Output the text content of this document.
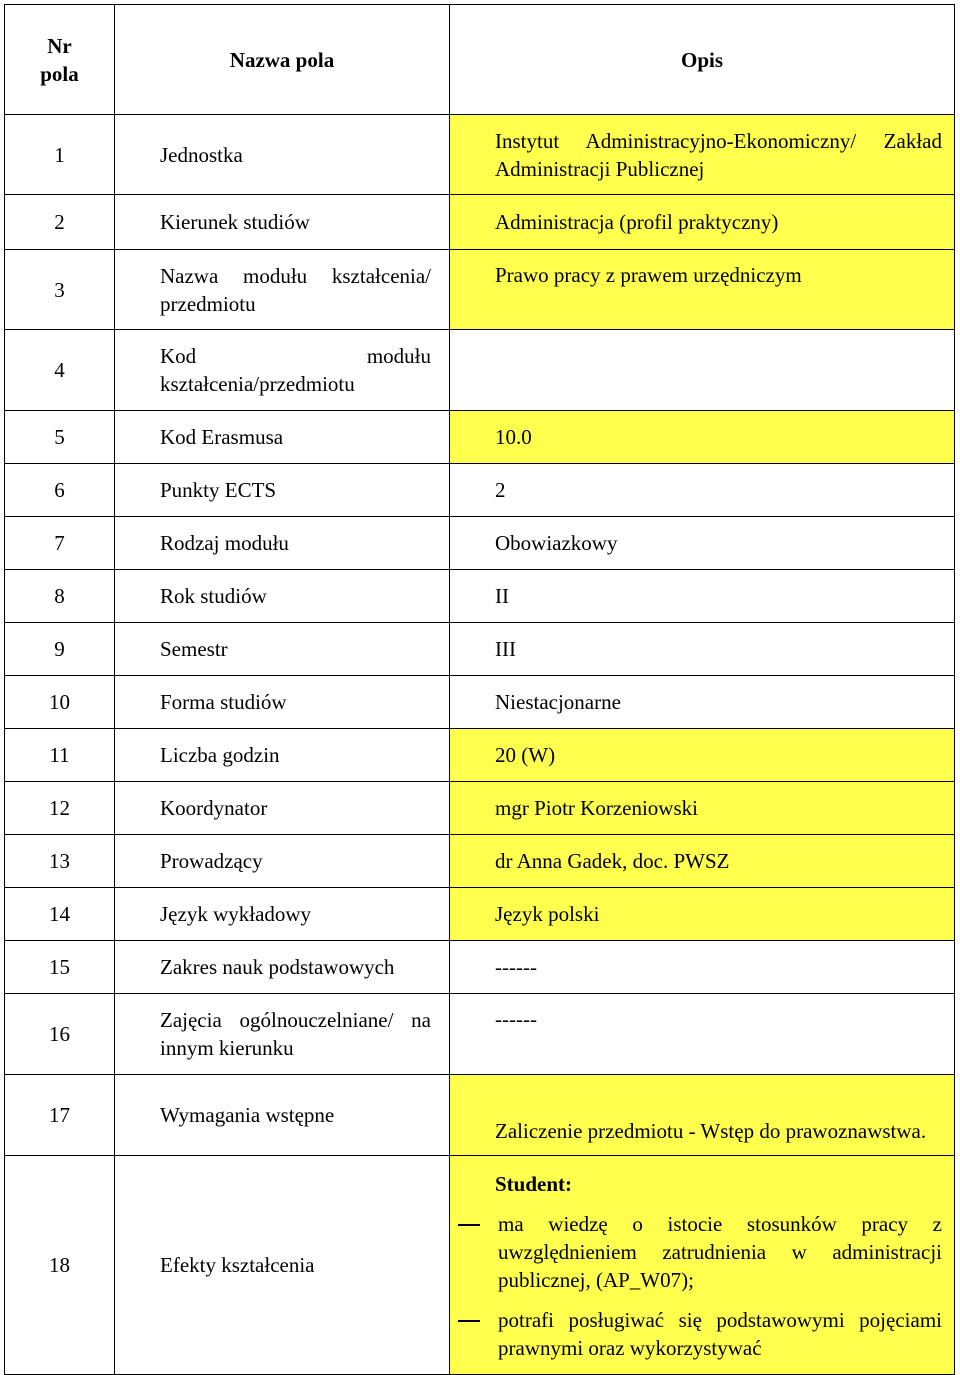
Nr pola	Nazwa pola	Opis
1	Jednostka	Instytut Administracyjno-Ekonomiczny/ Zakład Administracji Publicznej

2	Kierunek studiów	Administracja (profil praktyczny)
3	Nazwa modułu kształcenia/ przedmiotu	Prawo pracy z prawem urzędniczym
4	Kod modułu kształcenia/przedmiotu	

5	Kod Erasmusa	10.0
6	Punkty ECTS	2
7	Rodzaj modułu	Obowiazkowy
8	Rok studiów	II
9	Semestr	III
10	Forma studiów	Niestacjonarne
11	Liczba godzin	20 (W)
12	Koordynator	mgr Piotr Korzeniowski
13	Prowadzący	dr Anna Gadek, doc. PWSZ
14	Język wykładowy	Język polski
15	Zakres nauk podstawowych	------
16	Zajęcia ogólnouczelniane/ na innym kierunku	------
17	Wymagania wstępne	Zaliczenie przedmiotu - Wstęp do prawoznawstwa.

18	Efekty kształcenia	Student:
ma wiedzę o istocie stosunków pracy z uwzględnieniem zatrudnienia w administracji publicznej, (AP_W07);
potrafi posługiwać się podstawowymi pojęciami prawnymi oraz wykorzystywać
